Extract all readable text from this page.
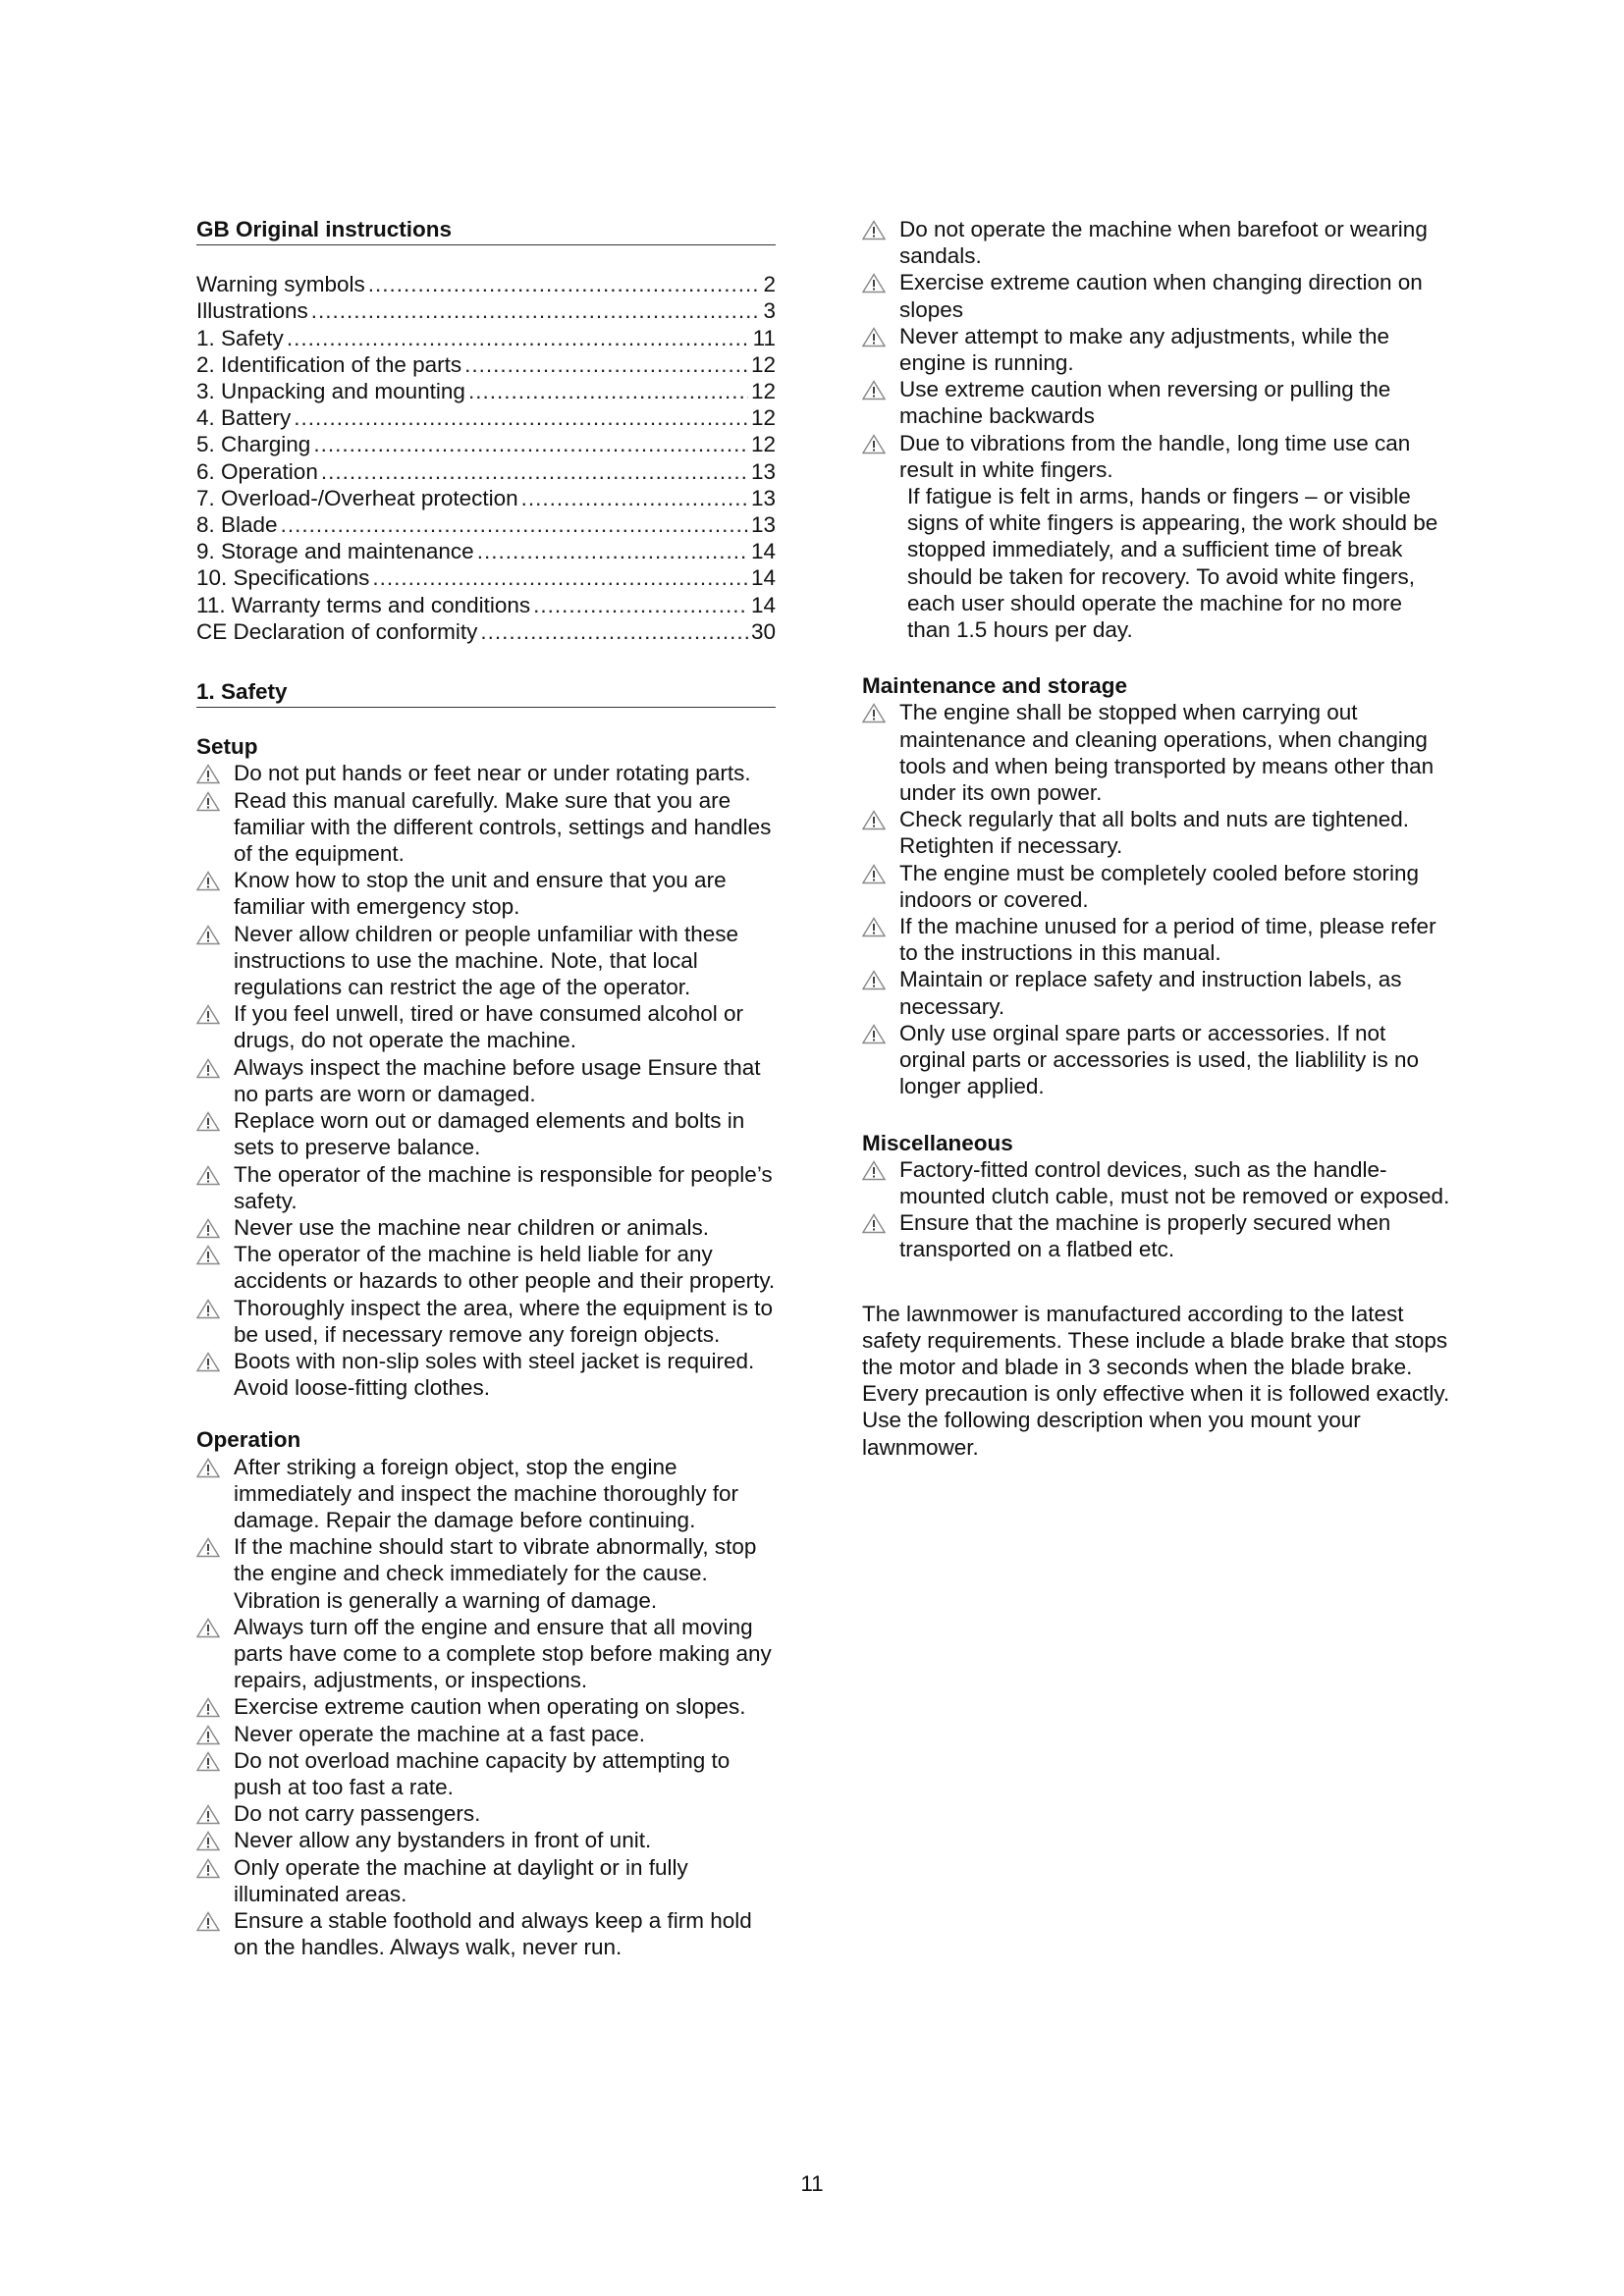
GB Original instructions
Warning symbols .....	2
Illustrations .....	3
1. Safety .....	11
2. Identification of the parts .....	12
3. Unpacking and mounting .....	12
4. Battery .....	12
5. Charging .....	12
6. Operation .....	13
7. Overload-/Overheat protection .....	13
8. Blade .....	13
9. Storage and maintenance .....	14
10. Specifications .....	14
11. Warranty terms and conditions .....	14
CE Declaration of conformity .....	30
1. Safety
Setup
Do not put hands or feet near or under rotating parts.
Read this manual carefully. Make sure that you are familiar with the different controls, settings and handles of the equipment.
Know how to stop the unit and ensure that you are familiar with emergency stop.
Never allow children or people unfamiliar with these instructions to use the machine. Note, that local regulations can restrict the age of the operator.
If you feel unwell, tired or have consumed alcohol or drugs, do not operate the machine.
Always inspect the machine before usage Ensure that no parts are worn or damaged.
Replace worn out or damaged elements and bolts in sets to preserve balance.
The operator of the machine is responsible for people’s safety.
Never use the machine near children or animals.
The operator of the machine is held liable for any accidents or hazards to other people and their property.
Thoroughly inspect the area, where the equipment is to be used, if necessary remove any foreign objects.
Boots with non-slip soles with steel jacket is required. Avoid loose-fitting clothes.
Operation
After striking a foreign object, stop the engine immediately and inspect the machine thoroughly for damage. Repair the damage before continuing.
If the machine should start to vibrate abnormally, stop the engine and check immediately for the cause. Vibration is generally a warning of damage.
Always turn off the engine and ensure that all moving parts have come to a complete stop before making any repairs, adjustments, or inspections.
Exercise extreme caution when operating on slopes.
Never operate the machine at a fast pace.
Do not overload machine capacity by attempting to push at too fast a rate.
Do not carry passengers.
Never allow any bystanders in front of unit.
Only operate the machine at daylight or in fully illuminated areas.
Ensure a stable foothold and always keep a firm hold on the handles. Always walk, never run.
Do not operate the machine when barefoot or wearing sandals.
Exercise extreme caution when changing direction on slopes
Never attempt to make any adjustments, while the engine is running.
Use extreme caution when reversing or pulling the machine backwards
Due to vibrations from the handle, long time use can result in white fingers.
If fatigue is felt in arms, hands or fingers – or visible signs of white fingers is appearing, the work should be stopped immediately, and a sufficient time of break should be taken for recovery. To avoid white fingers, each user should operate the machine for no more than 1.5 hours per day.
Maintenance and storage
The engine shall be stopped when carrying out maintenance and cleaning operations, when changing tools and when being transported by means other than under its own power.
Check regularly that all bolts and nuts are tightened. Retighten if necessary.
The engine must be completely cooled before storing indoors or covered.
If the machine unused for a period of time, please refer to the instructions in this manual.
Maintain or replace safety and instruction labels, as necessary.
Only use orginal spare parts or accessories. If not orginal parts or accessories is used, the liablility is no longer applied.
Miscellaneous
Factory-fitted control devices, such as the handle-mounted clutch cable, must not be removed or exposed.
Ensure that the machine is properly secured when transported on a flatbed etc.
The lawnmower is manufactured according to the latest safety requirements. These include a blade brake that stops the motor and blade in 3 seconds when the blade brake. Every precaution is only effective when it is followed exactly. Use the following description when you mount your lawnmower.
11
